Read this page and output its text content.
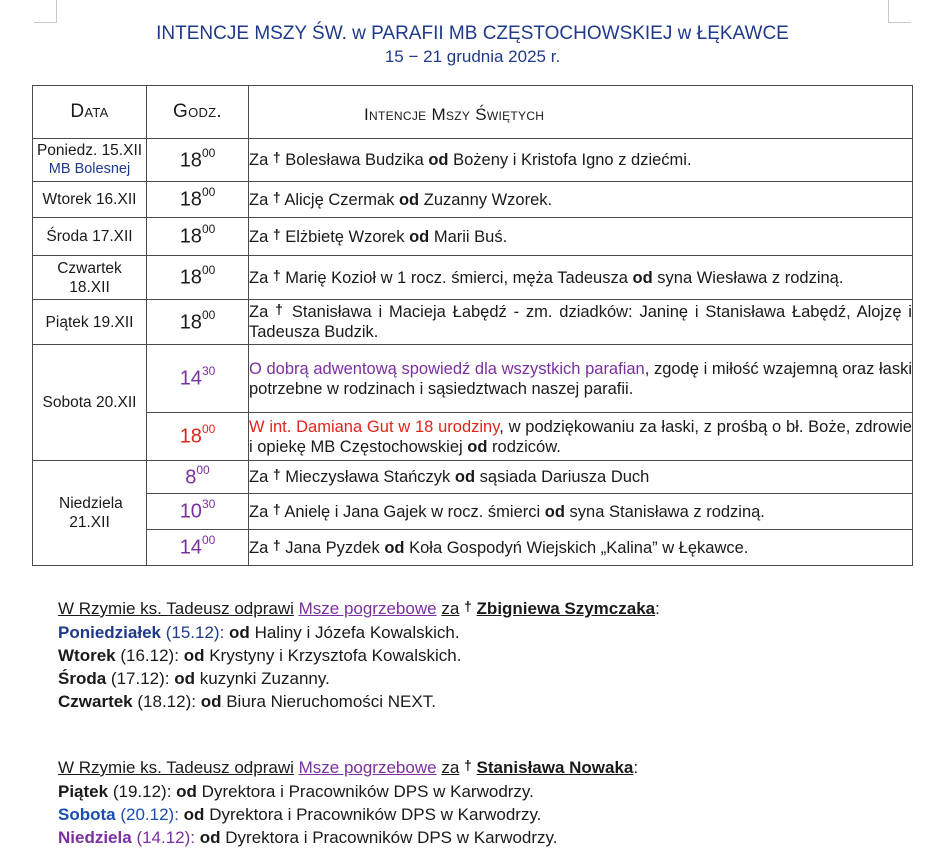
INTENCJE MSZY ŚW. w PARAFII MB CZĘSTOCHOWSKIEJ w ŁĘKAWCE
15 − 21 grudnia 2025 r.
Data	Godz.	Intencje Mszy Świętych

Poniedz. 15.XII
MB Bolesnej	$18^{00}$	Za † Bolesława Budzika od Bożeny i Kristofa Igno z dziećmi.

Wtorek 16.XII	$18^{00}$	Za † Alicję Czermak od Zuzanny Wzorek.

Środa 17.XII	$18^{00}$	Za † Elżbietę Wzorek od Marii Buś.

Czwartek 18.XII	$18^{00}$	Za † Marię Kozioł w 1 rocz. śmierci, męża Tadeusza od syna Wiesława z rodziną.

Piątek 19.XII	$18^{00}$	Za † Stanisława i Macieja Łabędź - zm. dziadków: Janinę i Stanisława Łabędź, Alojzę i Tadeusza Budzik.

Sobota 20.XII	$14^{30}$	O dobrą adwentową spowiedź dla wszystkich parafian, zgodę i miłość wzajemną oraz łaski potrzebne w rodzinach i sąsiedztwach naszej parafii.
	$18^{00}$	W int. Damiana Gut w 18 urodziny, w podziękowaniu za łaski, z prośbą o bł. Boże, zdrowie i opiekę MB Częstochowskiej od rodziców.

Niedziela 21.XII	$8^{00}$	Za † Mieczysława Stańczyk od sąsiada Dariusza Duch
	$10^{30}$	Za † Anielę i Jana Gajek w rocz. śmierci od syna Stanisława z rodziną.
	$14^{00}$	Za † Jana Pyzdek od Koła Gospodyń Wiejskich „Kalina” w Łękawce.
W Rzymie ks. Tadeusz odprawi Msze pogrzebowe za † Zbigniewa Szymczaka:
Poniedziałek (15.12): od Haliny i Józefa Kowalskich.
Wtorek (16.12): od Krystyny i Krzysztofa Kowalskich.
Środa (17.12): od kuzynki Zuzanny.
Czwartek (18.12): od Biura Nieruchomości NEXT.
W Rzymie ks. Tadeusz odprawi Msze pogrzebowe za † Stanisława Nowaka:
Piątek (19.12): od Dyrektora i Pracowników DPS w Karwodrzy.
Sobota (20.12): od Dyrektora i Pracowników DPS w Karwodrzy.
Niedziela (14.12): od Dyrektora i Pracowników DPS w Karwodrzy.
